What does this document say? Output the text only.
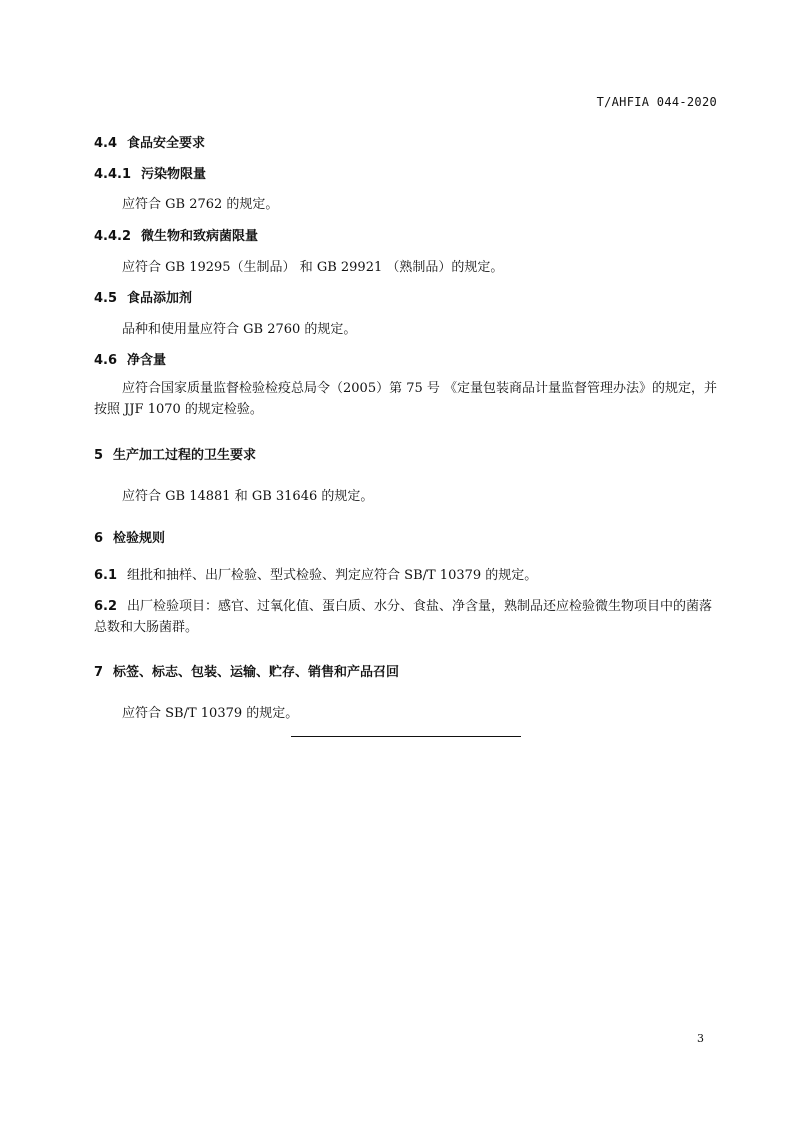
T/AHFIA 044-2020
4.4 食品安全要求
4.4.1 污染物限量
应符合 GB 2762 的规定。
4.4.2 微生物和致病菌限量
应符合 GB 19295（生制品） 和 GB 29921 （熟制品）的规定。
4.5 食品添加剂
品种和使用量应符合 GB 2760 的规定。
4.6 净含量
应符合国家质量监督检验检疫总局令（2005）第 75 号 《定量包装商品计量监督管理办法》的规定，并按照 JJF 1070 的规定检验。
5 生产加工过程的卫生要求
应符合 GB 14881 和 GB 31646 的规定。
6 检验规则
6.1 组批和抽样、出厂检验、型式检验、判定应符合 SB/T 10379 的规定。
6.2 出厂检验项目：感官、过氧化值、蛋白质、水分、食盐、净含量，熟制品还应检验微生物项目中的菌落总数和大肠菌群。
7 标签、标志、包装、运输、贮存、销售和产品召回
应符合 SB/T 10379 的规定。
3
